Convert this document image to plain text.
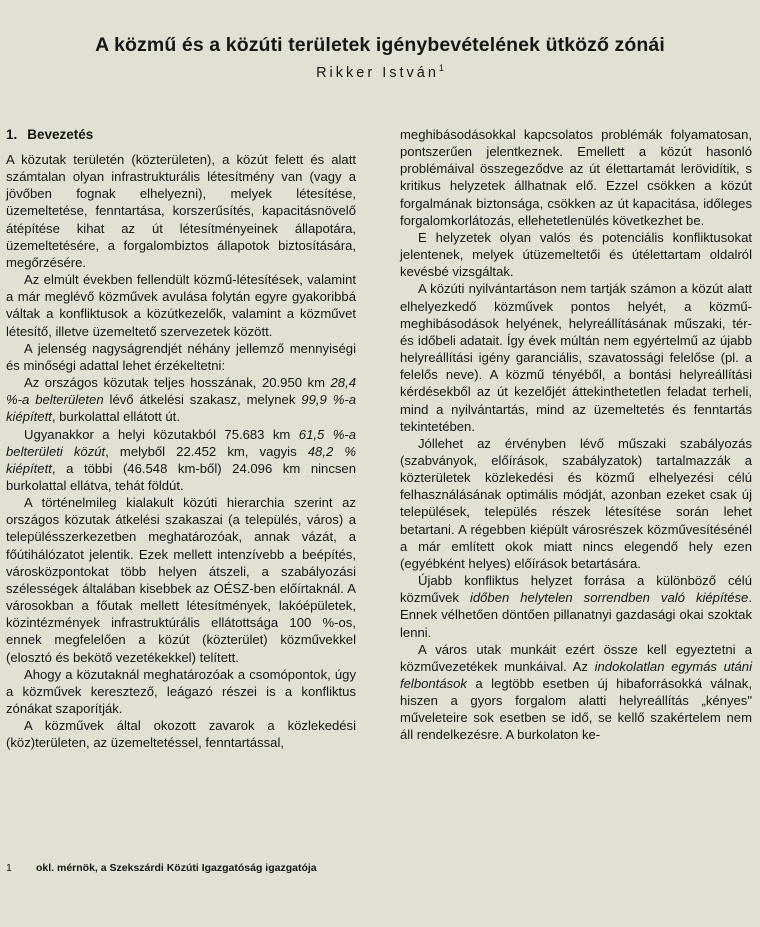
A közmű és a közúti területek igénybevételének ütköző zónái
Rikker István$^1$
1. Bevezetés

A közutak területén (közterületen), a közút felett és alatt számtalan olyan infrastrukturális létesítmény van (vagy a jövőben fognak elhelyezni), melyek létesítése, üzemeltetése, fenntartása, korszerűsítés, kapacitásnövelő átépítése kihat az út létesítményeinek állapotára, üzemeltetésére, a forgalombiztos állapotok biztosítására, megőrzésére.

Az elmúlt években fellendült közmű-létesítések, valamint a már meglévő közművek avulása folytán egyre gyakoribbá váltak a konfliktusok a közútkezelők, valamint a közművet létesítő, illetve üzemeltető szervezetek között.

A jelenség nagyságrendjét néhány jellemző mennyiségi és minőségi adattal lehet érzékeltetni:

Az országos közutak teljes hosszának, 20.950 km 28,4 %-a belterületen lévő átkelési szakasz, melynek 99,9 %-a kiépített, burkolattal ellátott út.

Ugyanakkor a helyi közutakból 75.683 km 61,5 %-a belterületi közút, melyből 22.452 km, vagyis 48,2 % kiépített, a többi (46.548 km-ből) 24.096 km nincsen burkolattal ellátva, tehát földút.

A történelmileg kialakult közúti hierarchia szerint az országos közutak átkelési szakaszai (a település, város) a településszerkezetben meghatározóak, annak vázát, a főútihálózatot jelentik. Ezek mellett intenzívebb a beépítés, városközpontokat több helyen átszeli, a szabályozási szélességek általában kisebbek az OÉSZ-ben előírtaknál. A városokban a főutak mellett létesítmények, lakóépületek, közintézmények infrastruktúrális ellátottsága 100 %-os, ennek megfelelően a közút (közterület) közművekkel (elosztó és bekötő vezetékekkel) telített.

Ahogy a közutaknál meghatározóak a csomópontok, úgy a közművek keresztező, leágazó részei is a konfliktus zónákat szaporítják.

A közművek által okozott zavarok a közlekedési (köz)területen, az üzemeltetéssel, fenntartással,

meghibásodásokkal kapcsolatos problémák folyamatosan, pontszerűen jelentkeznek. Emellett a közút hasonló problémáival összegeződve az út élettartamát lerövidítik, s kritikus helyzetek állhatnak elő. Ezzel csökken a közút forgalmának biztonsága, csökken az út kapacitása, időleges forgalomkorlátozás, ellehetetlenülés következhet be.

E helyzetek olyan valós és potenciális konfliktusokat jelentenek, melyek útüzemeltetői és útélettartam oldalról kevésbé vizsgáltak.

A közúti nyilvántartáson nem tartják számon a közút alatt elhelyezkedő közművek pontos helyét, a közmű-meghibásodások helyének, helyreállításának műszaki, tér- és időbeli adatait. Így évek múltán nem egyértelmű az újabb helyreállítási igény garanciális, szavatossági felelőse (pl. a felelős neve). A közmű tényéből, a bontási helyreállítási kérdésekből az út kezelőjét áttekinthetetlen feladat terheli, mind a nyilvántartás, mind az üzemeltetés és fenntartás tekintetében.

Jóllehet az érvényben lévő műszaki szabályozás (szabványok, előírások, szabályzatok) tartalmazzák a közterületek közlekedési és közmű elhelyezési célú felhasználásának optimális módját, azonban ezeket csak új települések, település részek létesítése során lehet betartani. A régebben kiépült városrészek közművesítésénél a már említett okok miatt nincs elegendő hely ezen (egyébként helyes) előírások betartására.

Újabb konfliktus helyzet forrása a különböző célú közművek időben helytelen sorrendben való kiépítése. Ennek vélhetően döntően pillanatnyi gazdasági okai szoktak lenni.

A város utak munkáit ezért össze kell egyeztetni a közművezetékek munkáival. Az indokolatlan egymás utáni felbontások a legtöbb esetben új hibaforrásokká válnak, hiszen a gyors forgalom alatti helyreállítás „kényes" műveleteire sok esetben se idő, se kellő szakértelem nem áll rendelkezésre. A burkolaton ke-

1 okl. mérnök, a Szekszárdi Közúti Igazgatóság igazgatója
